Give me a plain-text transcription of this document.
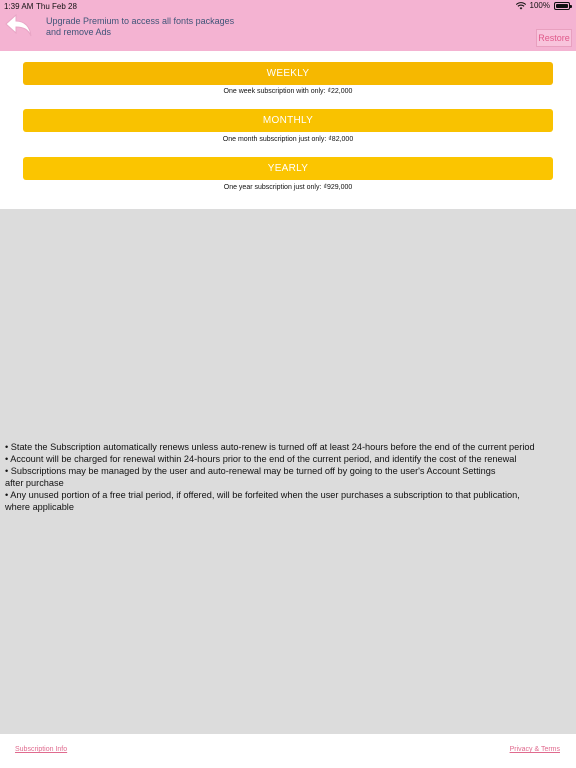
1:39 AM Thu Feb 28	100%
Upgrade Premium to access all fonts packages and remove Ads
Restore
WEEKLY
One week subscription with only: ₫22,000
MONTHLY
One month subscription just only: ₫82,000
YEARLY
One year subscription just only: ₫929,000
• State the Subscription automatically renews unless auto-renew is turned off at least 24-hours before the end of the current period
• Account will be charged for renewal within 24-hours prior to the end of the current period, and identify the cost of the renewal
• Subscriptions may be managed by the user and auto-renewal may be turned off by going to the user's Account Settings
after purchase
• Any unused portion of a free trial period, if offered, will be forfeited when the user purchases a subscription to that publication,
where applicable
Subscription Info	Privacy & Terms
